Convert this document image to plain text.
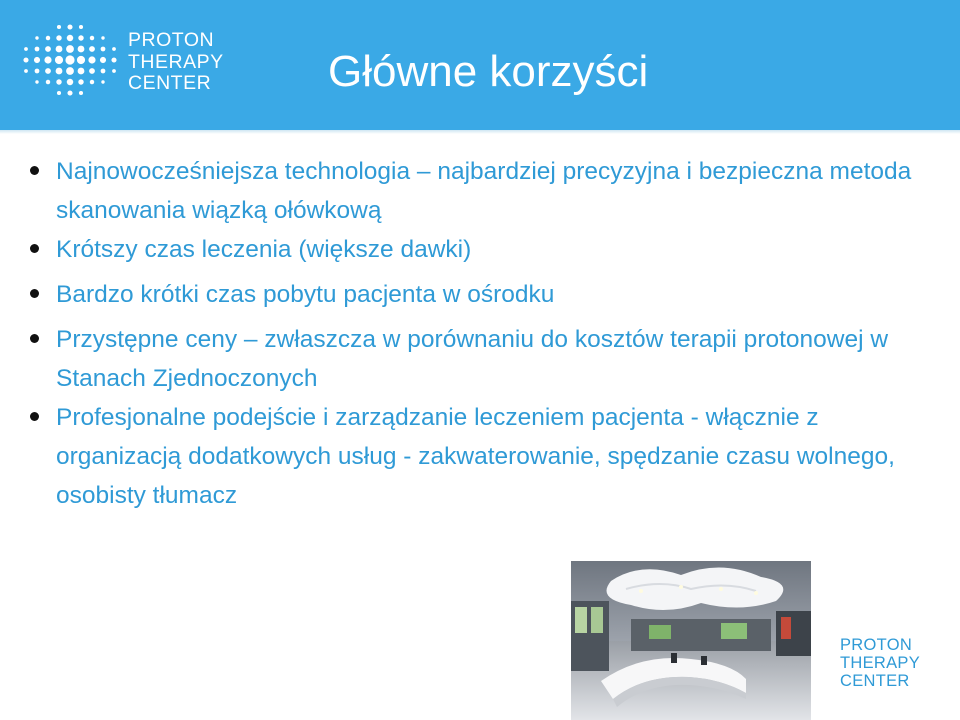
PROTON
THERAPY
CENTER	Główne korzyści
Najnowocześniejsza technologia – najbardziej precyzyjna i bezpieczna metoda skanowania wiązką ołówkową
Krótszy czas leczenia (większe dawki)
Bardzo krótki czas pobytu pacjenta w ośrodku
Przystępne ceny – zwłaszcza w porównaniu do kosztów terapii protonowej w Stanach Zjednoczonych
Profesjonalne podejście i zarządzanie leczeniem pacjenta - włącznie z organizacją dodatkowych usług - zakwaterowanie, spędzanie czasu wolnego, osobisty tłumacz
PROTON
THERAPY
CENTER
